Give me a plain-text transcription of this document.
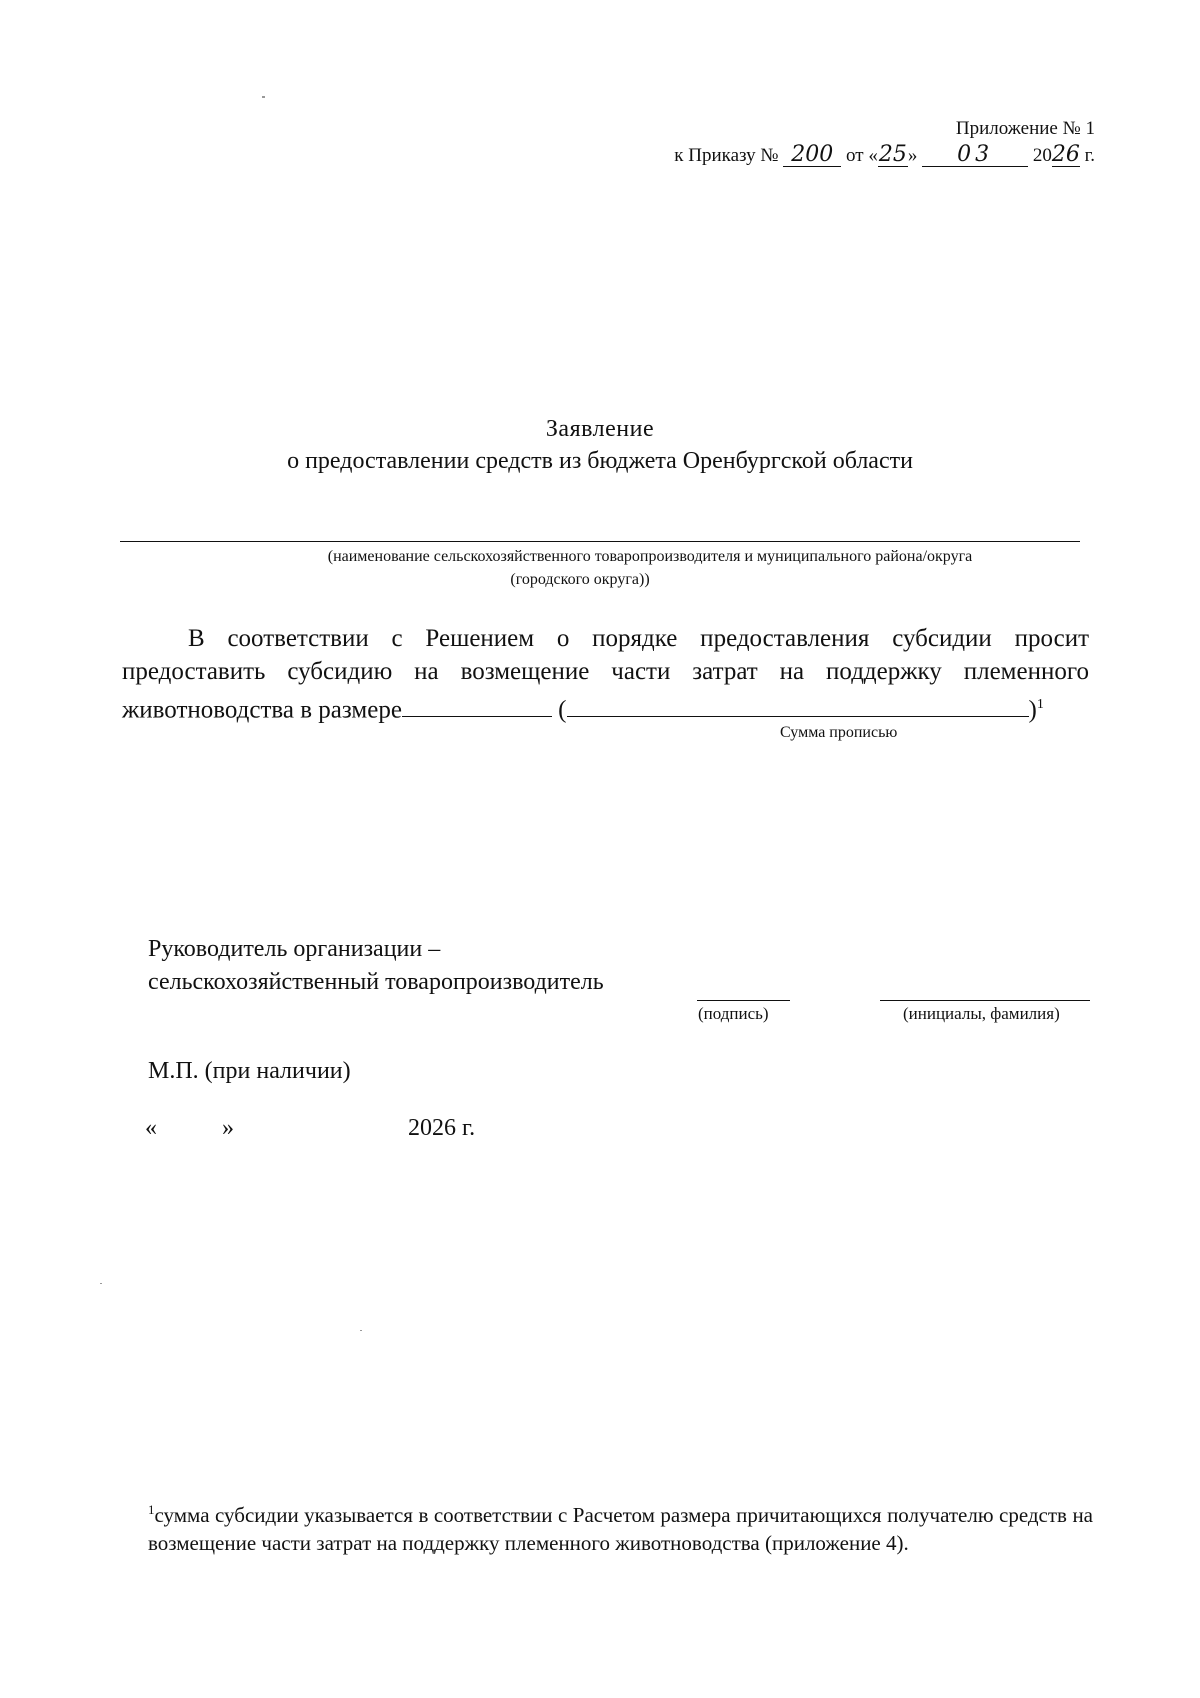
Приложение № 1
к Приказу № 200 от «25» 03 2026 г.
Заявление
о предоставлении средств из бюджета Оренбургской области
(наименование сельскохозяйственного товаропроизводителя и муниципального района/округа
(городского округа))

В соответствии с Решением о порядке предоставления субсидии просит предоставить субсидию на возмещение части затрат на поддержку племенного животноводства в размере	(	)$^1$

Сумма прописью
Руководитель организации –
сельскохозяйственный товаропроизводитель
(подпись)	(инициалы, фамилия)
М.П. (при наличии)
«	»	2026 г.
$^1$сумма субсидии указывается в соответствии с Расчетом размера причитающихся получателю средств на возмещение части затрат на поддержку племенного животноводства (приложение 4).
